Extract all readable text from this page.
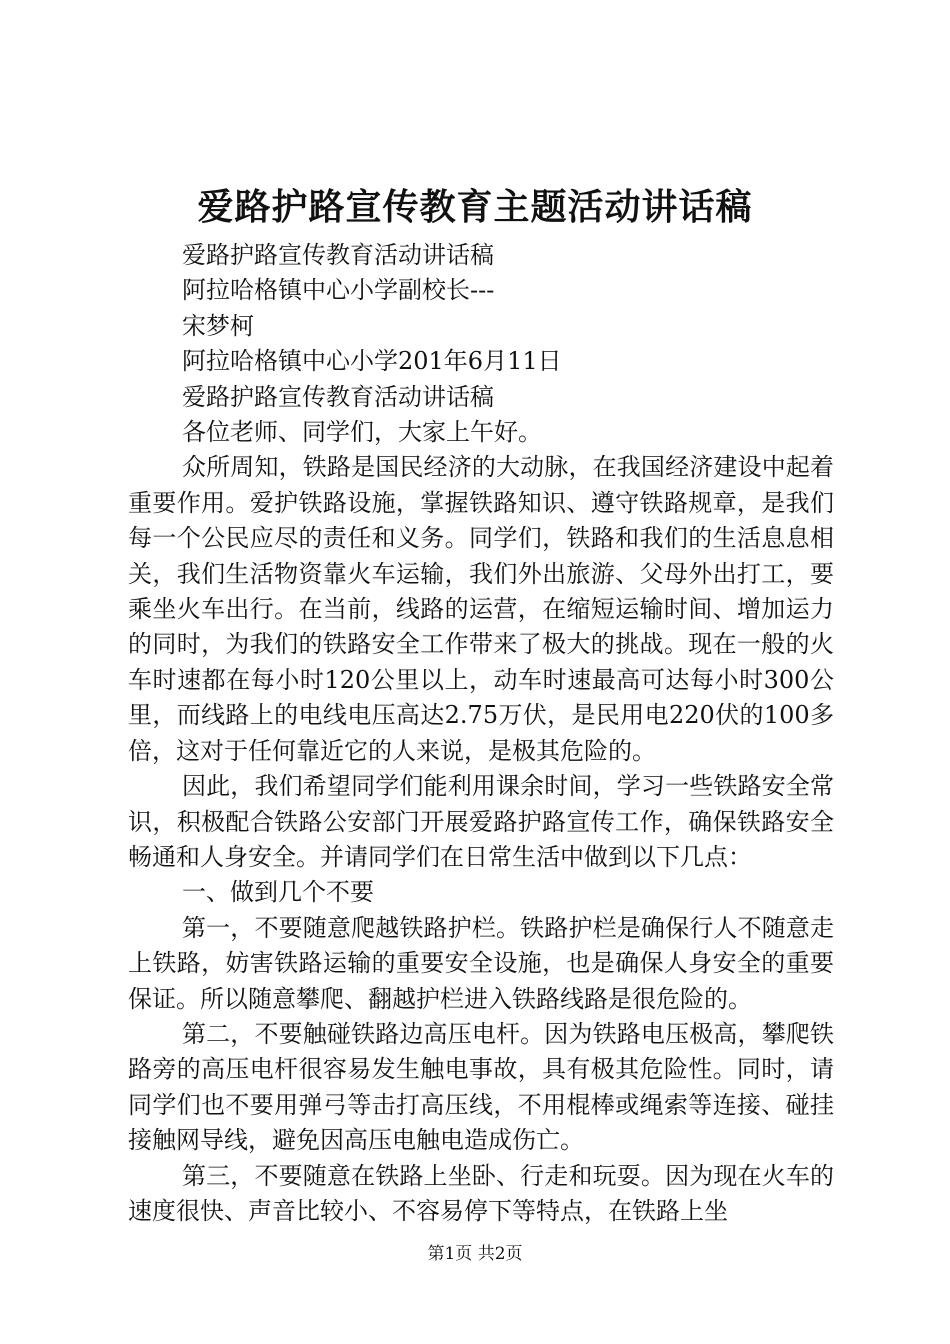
爱路护路宣传教育主题活动讲话稿

爱路护路宣传教育活动讲话稿

阿拉哈格镇中心小学副校长---

宋梦柯

阿拉哈格镇中心小学201年6月11日

爱路护路宣传教育活动讲话稿

各位老师、同学们，大家上午好。

众所周知，铁路是国民经济的大动脉，在我国经济建设中起着重要作用。爱护铁路设施，掌握铁路知识、遵守铁路规章，是我们每一个公民应尽的责任和义务。同学们，铁路和我们的生活息息相关，我们生活物资靠火车运输，我们外出旅游、父母外出打工，要乘坐火车出行。在当前，线路的运营，在缩短运输时间、增加运力的同时，为我们的铁路安全工作带来了极大的挑战。现在一般的火车时速都在每小时120公里以上，动车时速最高可达每小时300公里，而线路上的电线电压高达2.75万伏，是民用电220伏的100多倍，这对于任何靠近它的人来说，是极其危险的。

因此，我们希望同学们能利用课余时间，学习一些铁路安全常识，积极配合铁路公安部门开展爱路护路宣传工作，确保铁路安全畅通和人身安全。并请同学们在日常生活中做到以下几点：

一、做到几个不要

第一，不要随意爬越铁路护栏。铁路护栏是确保行人不随意走上铁路，妨害铁路运输的重要安全设施，也是确保人身安全的重要保证。所以随意攀爬、翻越护栏进入铁路线路是很危险的。

第二，不要触碰铁路边高压电杆。因为铁路电压极高，攀爬铁路旁的高压电杆很容易发生触电事故，具有极其危险性。同时，请同学们也不要用弹弓等击打高压线，不用棍棒或绳索等连接、碰挂接触网导线，避免因高压电触电造成伤亡。

第三，不要随意在铁路上坐卧、行走和玩耍。因为现在火车的速度很快、声音比较小、不容易停下等特点，在铁路上坐

第1页 共2页
